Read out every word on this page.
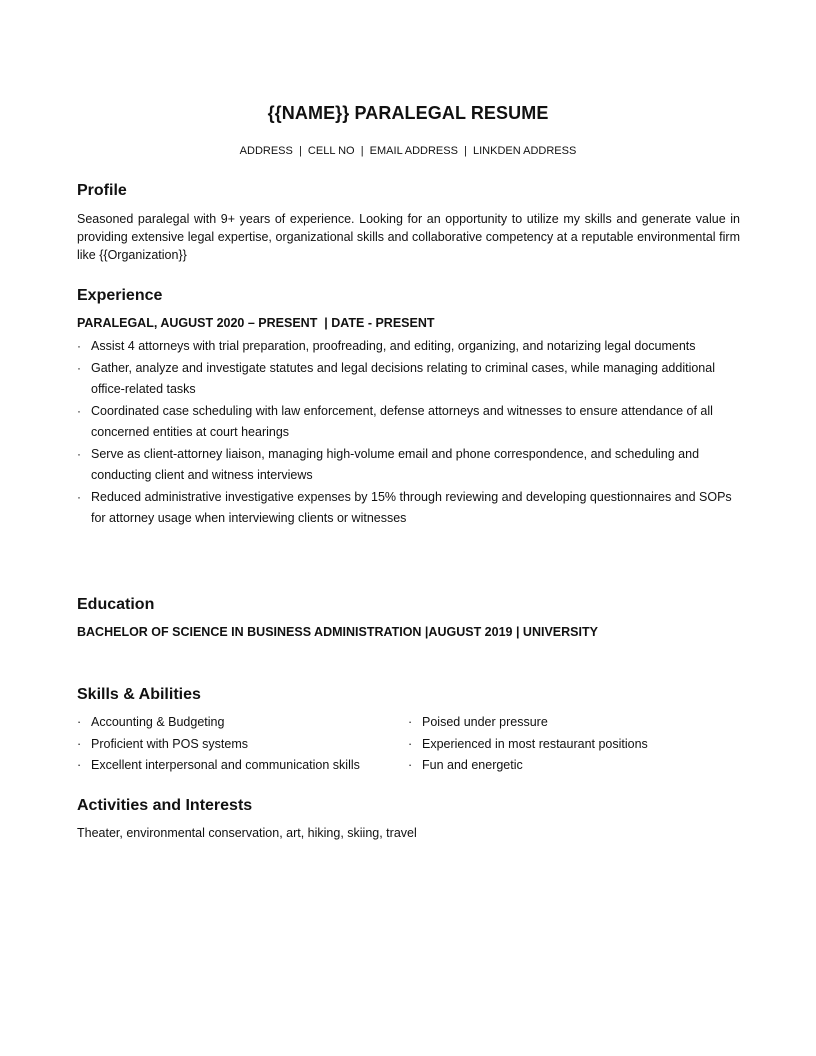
{{NAME}} PARALEGAL RESUME
ADDRESS  |  CELL NO  |  EMAIL ADDRESS  |  LINKDEN ADDRESS
Profile
Seasoned paralegal with 9+ years of experience. Looking for an opportunity to utilize my skills and generate value in providing extensive legal expertise, organizational skills and collaborative competency at a reputable environmental firm like {{Organization}}
Experience
PARALEGAL, AUGUST 2020 – PRESENT  | DATE - PRESENT
· Assist 4 attorneys with trial preparation, proofreading, and editing, organizing, and notarizing legal documents
· Gather, analyze and investigate statutes and legal decisions relating to criminal cases, while managing additional office-related tasks
· Coordinated case scheduling with law enforcement, defense attorneys and witnesses to ensure attendance of all concerned entities at court hearings
· Serve as client-attorney liaison, managing high-volume email and phone correspondence, and scheduling and conducting client and witness interviews
· Reduced administrative investigative expenses by 15% through reviewing and developing questionnaires and SOPs for attorney usage when interviewing clients or witnesses
Education
BACHELOR OF SCIENCE IN BUSINESS ADMINISTRATION |AUGUST 2019 | UNIVERSITY
Skills & Abilities
· Accounting & Budgeting
· Proficient with POS systems
· Excellent interpersonal and communication skills
· Poised under pressure
· Experienced in most restaurant positions
· Fun and energetic
Activities and Interests
Theater, environmental conservation, art, hiking, skiing, travel
